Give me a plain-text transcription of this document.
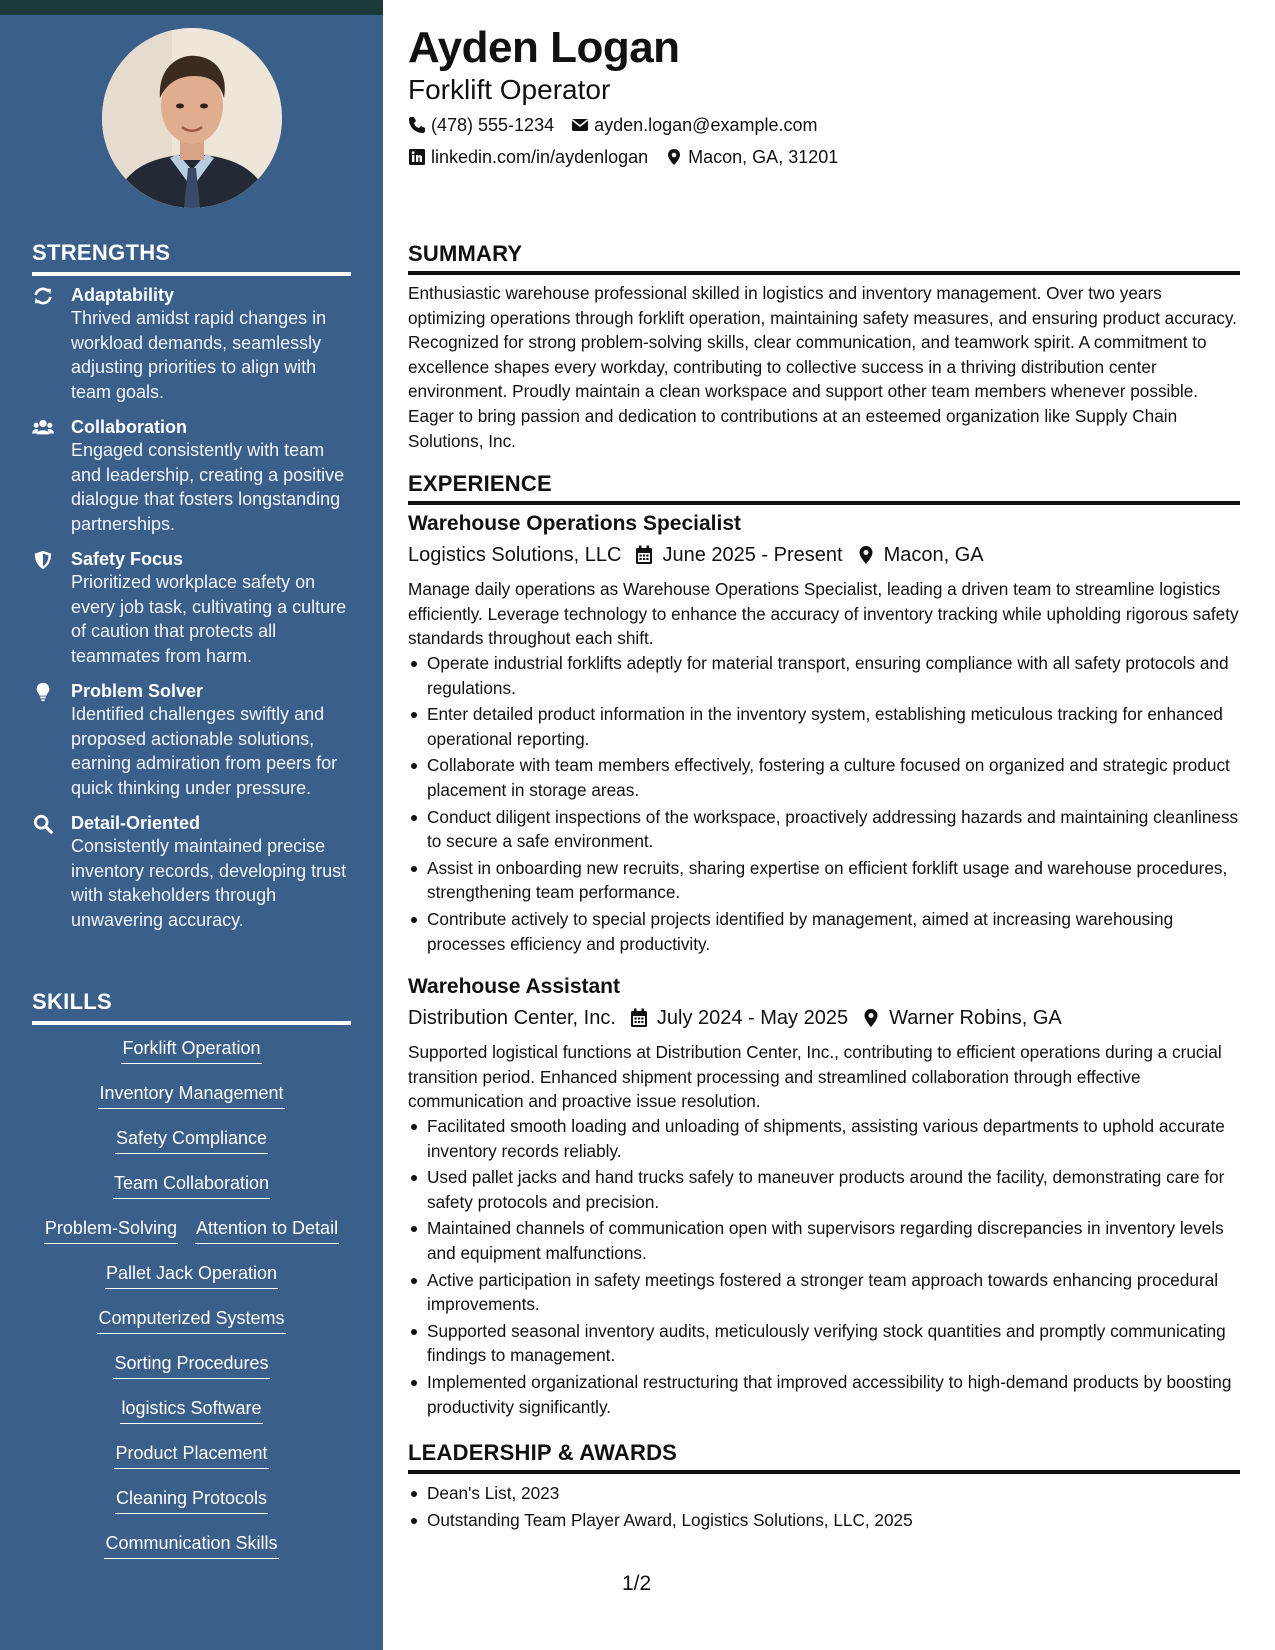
STRENGTHS
Adaptability
Thrived amidst rapid changes in workload demands, seamlessly adjusting priorities to align with team goals.
Collaboration
Engaged consistently with team and leadership, creating a positive dialogue that fosters longstanding partnerships.
Safety Focus
Prioritized workplace safety on every job task, cultivating a culture of caution that protects all teammates from harm.
Problem Solver
Identified challenges swiftly and proposed actionable solutions, earning admiration from peers for quick thinking under pressure.
Detail-Oriented
Consistently maintained precise inventory records, developing trust with stakeholders through unwavering accuracy.
SKILLS
Forklift Operation
Inventory Management
Safety Compliance
Team Collaboration
Problem-Solving Attention to Detail
Pallet Jack Operation
Computerized Systems
Sorting Procedures
logistics Software
Product Placement
Cleaning Protocols
Communication Skills
Ayden Logan
Forklift Operator
(478) 555-1234 ayden.logan@example.com
linkedin.com/in/aydenlogan Macon, GA, 31201
SUMMARY
Enthusiastic warehouse professional skilled in logistics and inventory management. Over two years optimizing operations through forklift operation, maintaining safety measures, and ensuring product accuracy. Recognized for strong problem-solving skills, clear communication, and teamwork spirit. A commitment to excellence shapes every workday, contributing to collective success in a thriving distribution center environment. Proudly maintain a clean workspace and support other team members whenever possible. Eager to bring passion and dedication to contributions at an esteemed organization like Supply Chain Solutions, Inc.
EXPERIENCE
Warehouse Operations Specialist
Logistics Solutions, LLC June 2025 - Present Macon, GA
Manage daily operations as Warehouse Operations Specialist, leading a driven team to streamline logistics efficiently. Leverage technology to enhance the accuracy of inventory tracking while upholding rigorous safety standards throughout each shift.
Operate industrial forklifts adeptly for material transport, ensuring compliance with all safety protocols and regulations.
Enter detailed product information in the inventory system, establishing meticulous tracking for enhanced operational reporting.
Collaborate with team members effectively, fostering a culture focused on organized and strategic product placement in storage areas.
Conduct diligent inspections of the workspace, proactively addressing hazards and maintaining cleanliness to secure a safe environment.
Assist in onboarding new recruits, sharing expertise on efficient forklift usage and warehouse procedures, strengthening team performance.
Contribute actively to special projects identified by management, aimed at increasing warehousing processes efficiency and productivity.
Warehouse Assistant
Distribution Center, Inc. July 2024 - May 2025 Warner Robins, GA
Supported logistical functions at Distribution Center, Inc., contributing to efficient operations during a crucial transition period. Enhanced shipment processing and streamlined collaboration through effective communication and proactive issue resolution.
Facilitated smooth loading and unloading of shipments, assisting various departments to uphold accurate inventory records reliably.
Used pallet jacks and hand trucks safely to maneuver products around the facility, demonstrating care for safety protocols and precision.
Maintained channels of communication open with supervisors regarding discrepancies in inventory levels and equipment malfunctions.
Active participation in safety meetings fostered a stronger team approach towards enhancing procedural improvements.
Supported seasonal inventory audits, meticulously verifying stock quantities and promptly communicating findings to management.
Implemented organizational restructuring that improved accessibility to high-demand products by boosting productivity significantly.
LEADERSHIP & AWARDS
Dean's List, 2023
Outstanding Team Player Award, Logistics Solutions, LLC, 2025
1/2
